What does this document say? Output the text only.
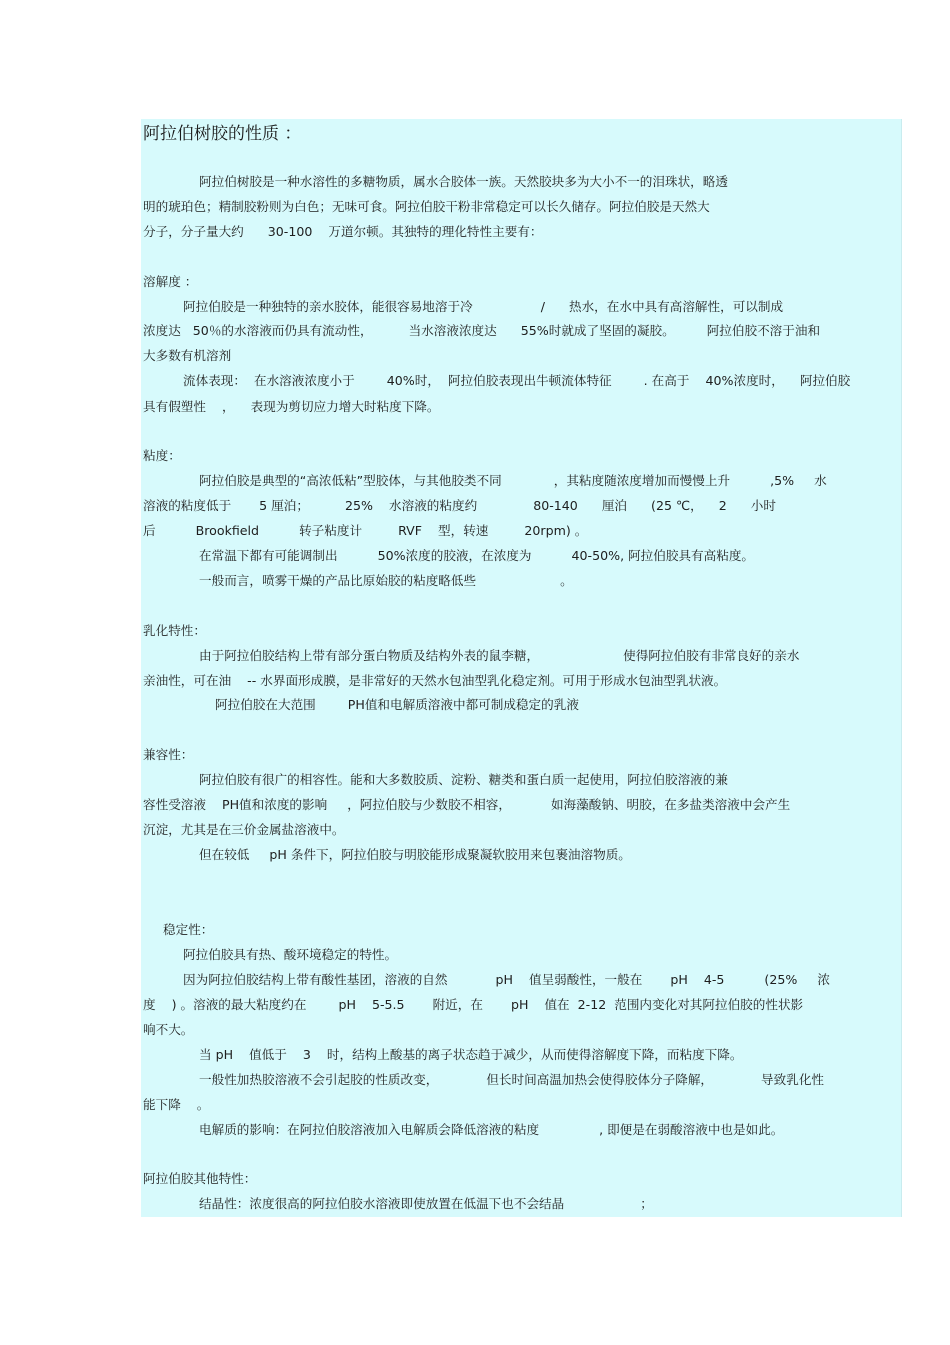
阿拉伯树胶的性质 ：
阿拉伯树胶是一种水溶性的多糖物质，属水合胶体一族。天然胶块多为大小不一的泪珠状，略透
明的琥珀色；精制胶粉则为白色；无味可食。阿拉伯胶干粉非常稳定可以长久储存。阿拉伯胶是天然大
分子，分子量大约      30-100    万道尔顿。其独特的理化特性主要有：
溶解度 ：
阿拉伯胶是一种独特的亲水胶体，能很容易地溶于冷                 /      热水，在水中具有高溶解性，可以制成
浓度达   50％的水溶液而仍具有流动性，         当水溶液浓度达      55%时就成了坚固的凝胶。        阿拉伯胶不溶于油和
大多数有机溶剂
流体表现：  在水溶液浓度小于        40%时，  阿拉伯胶表现出牛顿流体特征        . 在高于    40%浓度时，    阿拉伯胶
具有假塑性    ，    表现为剪切应力增大时粘度下降。
粘度：
阿拉伯胶是典型的“高浓低粘”型胶体，与其他胶类不同             ，其粘度随浓度增加而慢慢上升          ,5%     水
溶液的粘度低于       5 厘泊；         25%    水溶液的粘度约              80-140      厘泊      (25 ℃，    2      小时
后          Brookfield          转子粘度计         RVF    型，转速         20rpm) 。
在常温下都有可能调制出          50%浓度的胶液，在浓度为          40-50%, 阿拉伯胶具有高粘度。
一般而言，喷雾干燥的产品比原始胶的粘度略低些                     。
乳化特性：
由于阿拉伯胶结构上带有部分蛋白物质及结构外表的鼠李糖，                     使得阿拉伯胶有非常良好的亲水
亲油性，可在油    -- 水界面形成膜，是非常好的天然水包油型乳化稳定剂。可用于形成水包油型乳状液。
阿拉伯胶在大范围        PH值和电解质溶液中都可制成稳定的乳液
兼容性：
阿拉伯胶有很广的相容性。能和大多数胶质、淀粉、糖类和蛋白质一起使用，阿拉伯胶溶液的兼
容性受溶液    PH值和浓度的影响     ，阿拉伯胶与少数胶不相容，          如海藻酸钠、明胶，在多盐类溶液中会产生
沉淀，尤其是在三价金属盐溶液中。
但在较低     pH 条件下，阿拉伯胶与明胶能形成聚凝软胶用来包裹油溶物质。
稳定性：
阿拉伯胶具有热、酸环境稳定的特性。
因为阿拉伯胶结构上带有酸性基团，溶液的自然            pH    值呈弱酸性，一般在       pH    4-5          (25%     浓
度    ) 。溶液的最大粘度约在        pH    5-5.5       附近，在       pH    值在  2-12  范围内变化对其阿拉伯胶的性状影
响不大。
当 pH    值低于    3    时，结构上酸基的离子状态趋于减少，从而使得溶解度下降，而粘度下降。
一般性加热胶溶液不会引起胶的性质改变，            但长时间高温加热会使得胶体分子降解，            导致乳化性
能下降    。
电解质的影响：在阿拉伯胶溶液加入电解质会降低溶液的粘度               , 即便是在弱酸溶液中也是如此。
阿拉伯胶其他特性：
结晶性：浓度很高的阿拉伯胶水溶液即使放置在低温下也不会结晶                   ；
